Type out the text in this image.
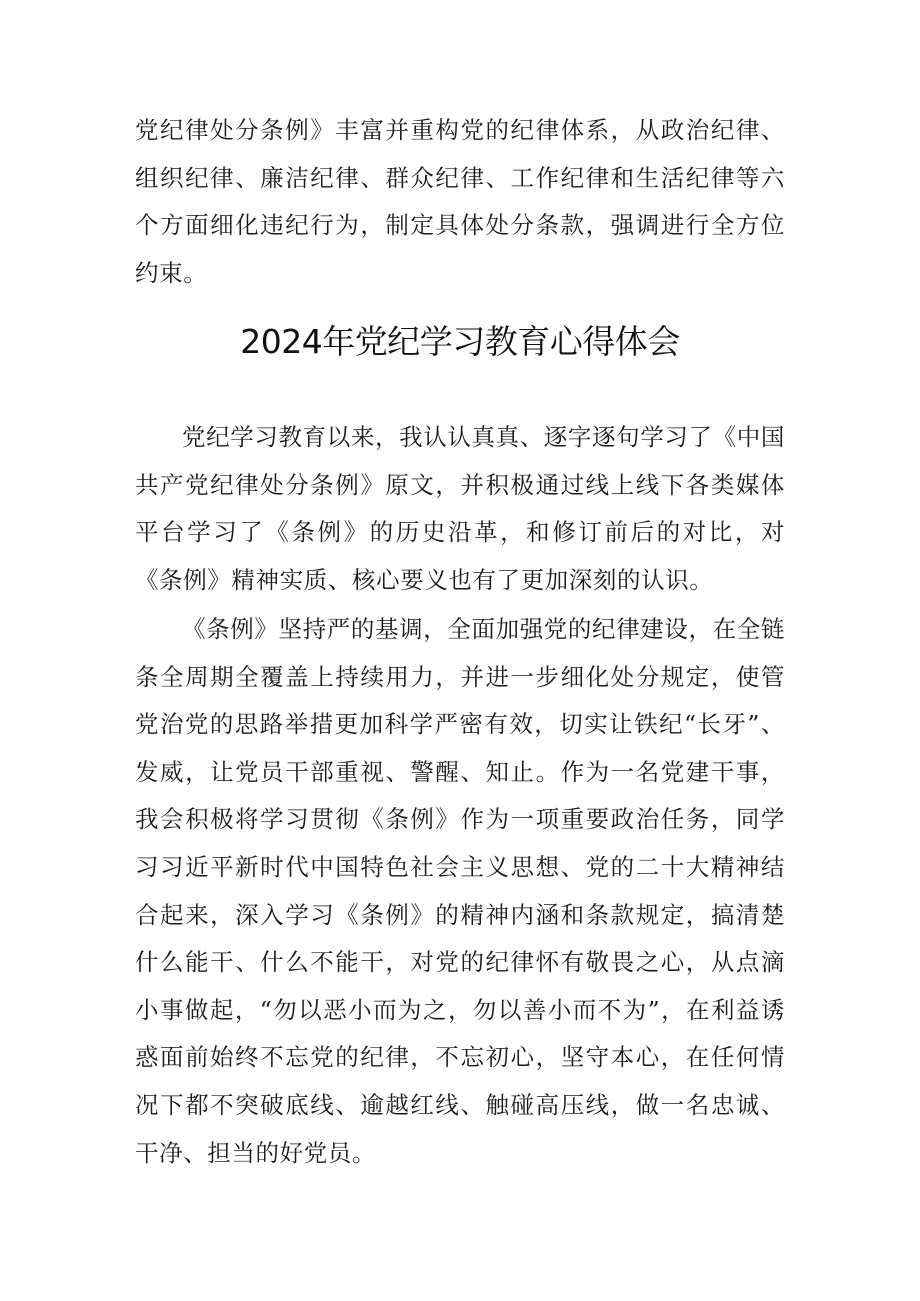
党纪律处分条例》丰富并重构党的纪律体系，从政治纪律、组织纪律、廉洁纪律、群众纪律、工作纪律和生活纪律等六个方面细化违纪行为，制定具体处分条款，强调进行全方位约束。

2024年党纪学习教育心得体会

党纪学习教育以来，我认认真真、逐字逐句学习了《中国共产党纪律处分条例》原文，并积极通过线上线下各类媒体平台学习了《条例》的历史沿革，和修订前后的对比，对《条例》精神实质、核心要义也有了更加深刻的认识。

《条例》坚持严的基调，全面加强党的纪律建设，在全链条全周期全覆盖上持续用力，并进一步细化处分规定，使管党治党的思路举措更加科学严密有效，切实让铁纪“长牙”、发威，让党员干部重视、警醒、知止。作为一名党建干事，我会积极将学习贯彻《条例》作为一项重要政治任务，同学习习近平新时代中国特色社会主义思想、党的二十大精神结合起来，深入学习《条例》的精神内涵和条款规定，搞清楚什么能干、什么不能干，对党的纪律怀有敬畏之心，从点滴小事做起，“勿以恶小而为之，勿以善小而不为”，在利益诱惑面前始终不忘党的纪律，不忘初心，坚守本心，在任何情况下都不突破底线、逾越红线、触碰高压线，做一名忠诚、干净、担当的好党员。
